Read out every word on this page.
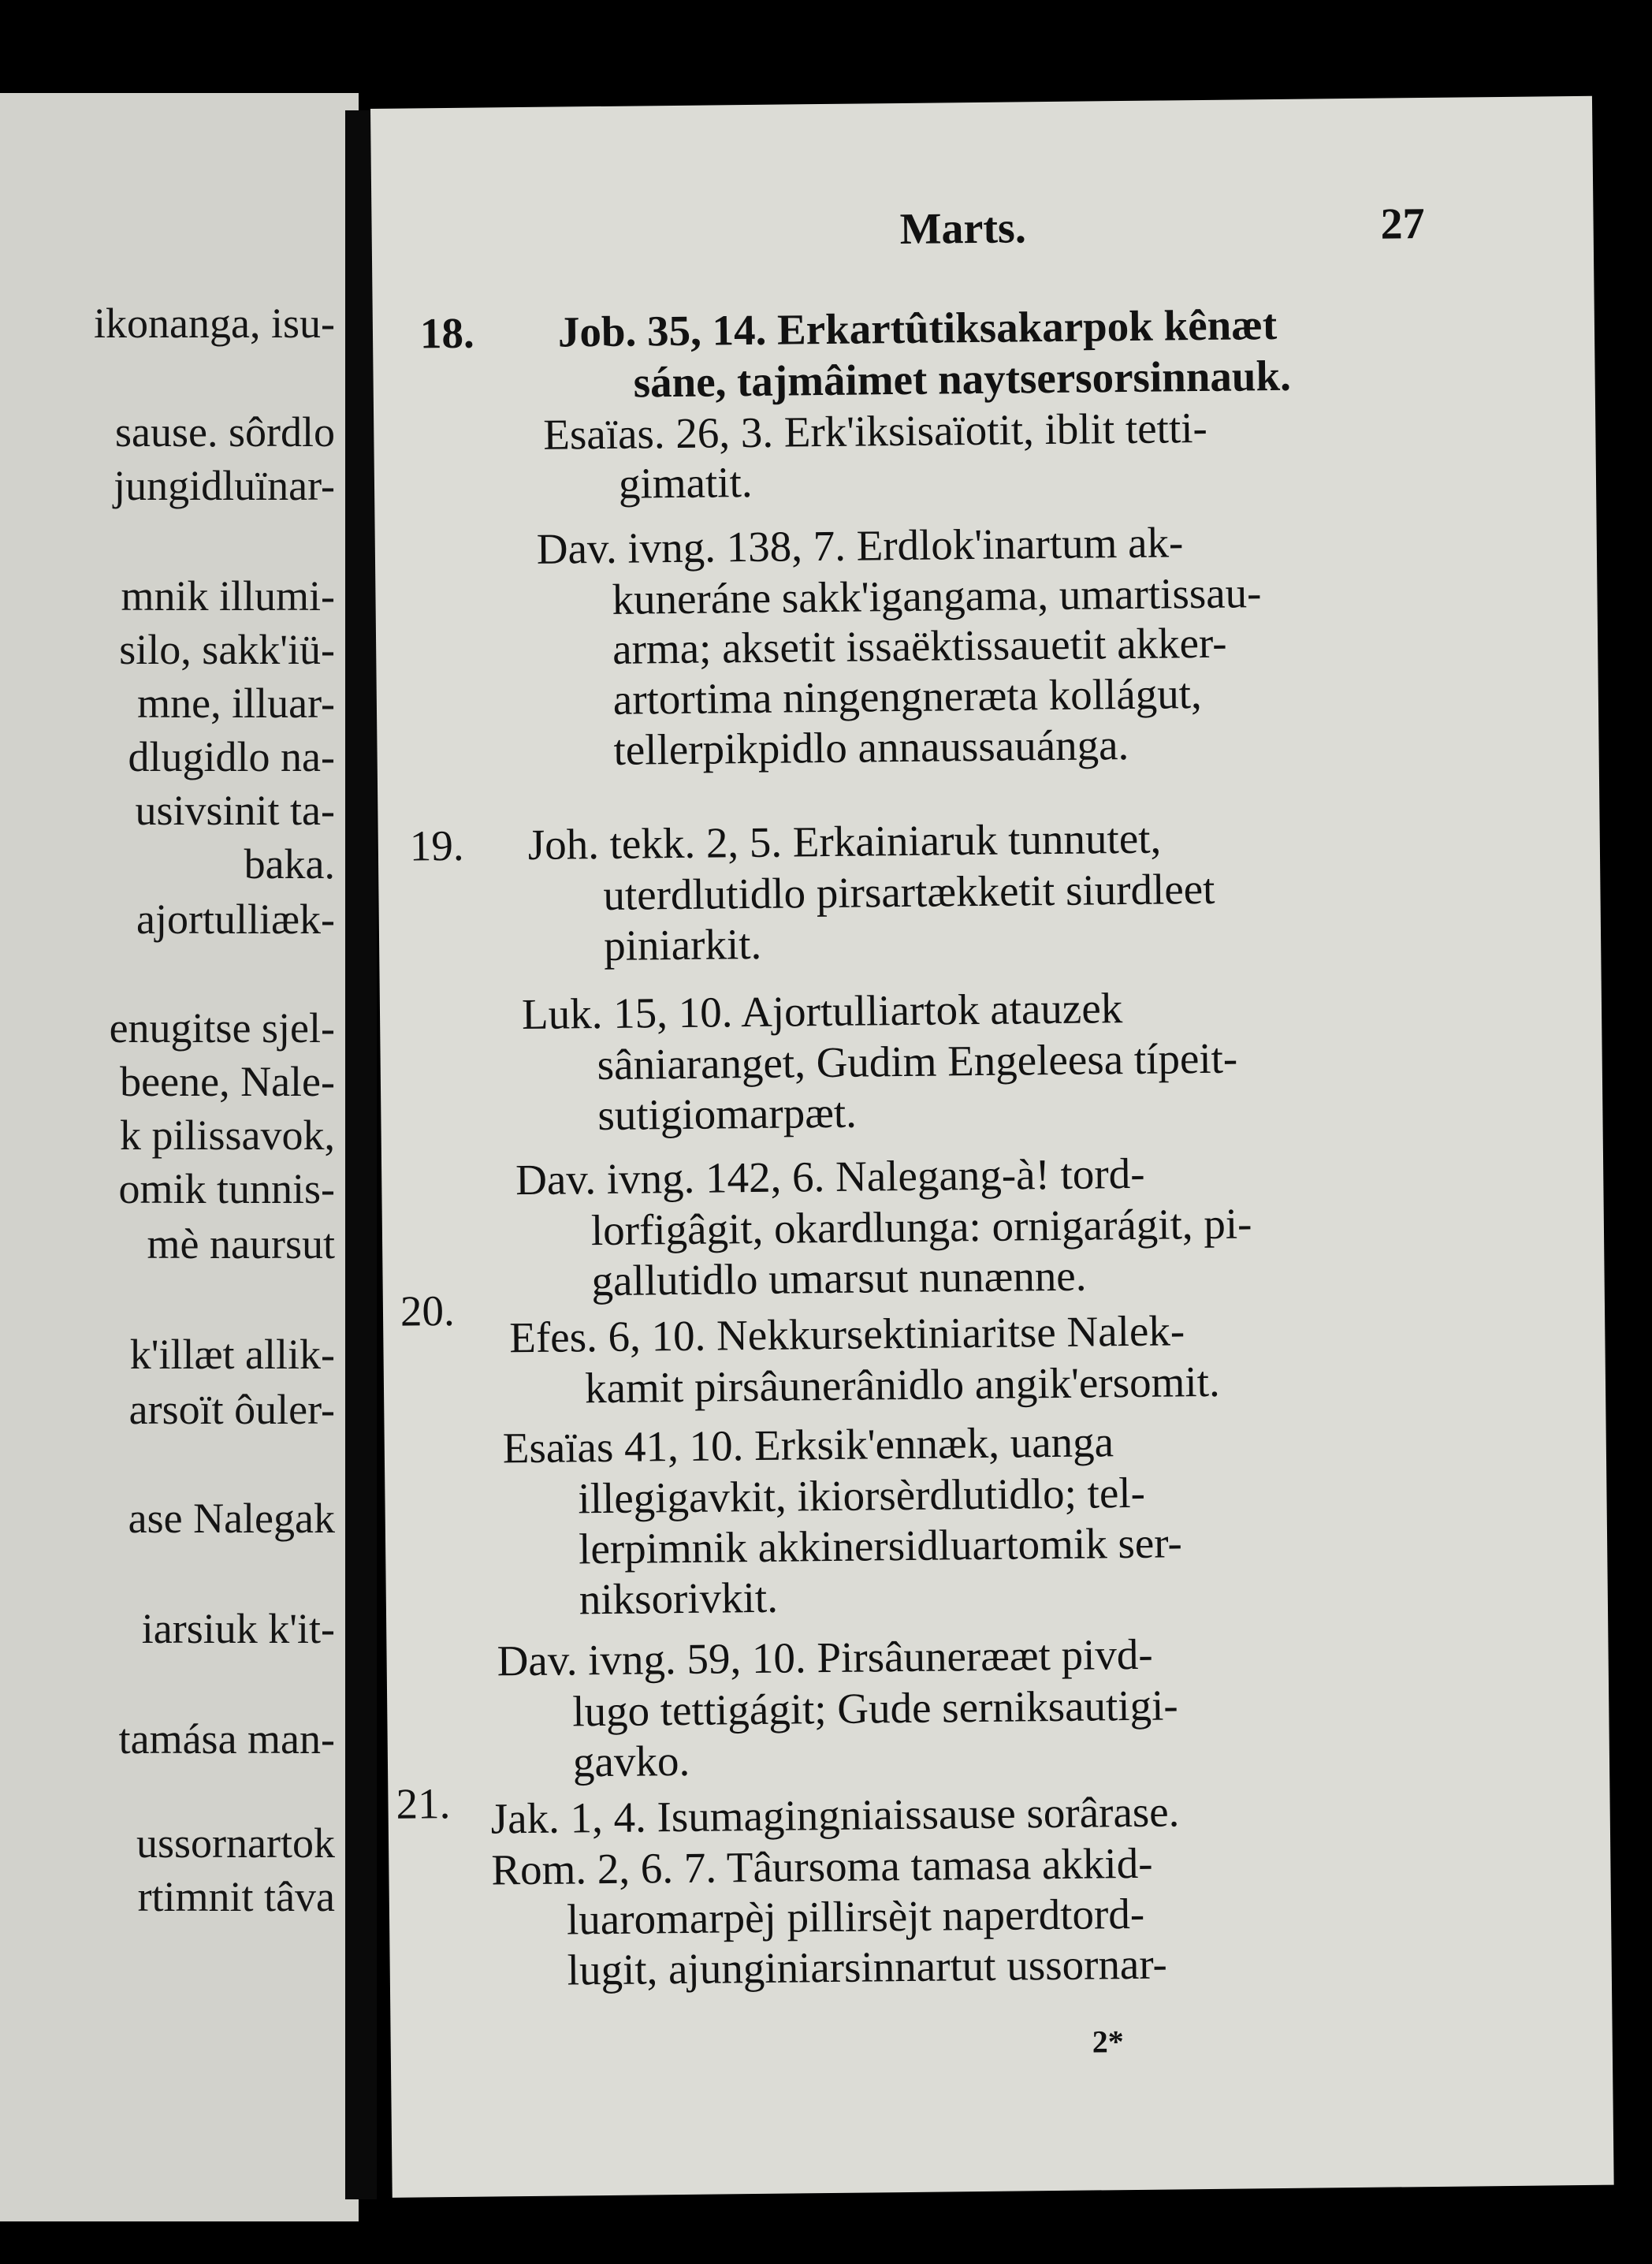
ikonanga, isu-
sause. sôrdlo
jungidluïnar-
mnik illumi-
silo, sakk'iü-
mne, illuar-
dlugidlo na-
usivsinit ta-
baka.
ajortulliæk-
enugitse sjel-
beene, Nale-
k pilissavok,
omik tunnis-
mè naursut
k'illæt allik-
arsoït ôuler-
ase Nalegak
iarsiuk k'it-
tamása man-
ussornartok
rtimnit tâva
Marts.	27
18.
19.
20.
21.
Job. 35, 14. Erkartûtiksakarpok kênæt
sáne, tajmâimet naytsersorsinnauk.
Esaïas. 26, 3. Erk'iksisaïotit, iblit tetti-
gimatit.
Dav. ivng. 138, 7. Erdlok'inartum ak-
kuneráne sakk'igangama, umartissau-
arma; aksetit issaëktissauetit akker-
artortima ningengneræta kollágut,
tellerpikpidlo annaussauánga.
Joh. tekk. 2, 5. Erkainiaruk tunnutet,
uterdlutidlo pirsartækketit siurdleet
piniarkit.
Luk. 15, 10. Ajortulliartok atauzek
sâniaranget, Gudim Engeleesa típeit-
sutigiomarpæt.
Dav. ivng. 142, 6. Nalegang-à! tord-
lorfigâgit, okardlunga: ornigarágit, pi-
gallutidlo umarsut nunænne.
Efes. 6, 10. Nekkursektiniaritse Nalek-
kamit pirsâunerânidlo angik'ersomit.
Esaïas 41, 10. Erksik'ennæk, uanga
illegigavkit, ikiorsèrdlutidlo; tel-
lerpimnik akkinersidluartomik ser-
niksorivkit.
Dav. ivng. 59, 10. Pirsâunerææt pivd-
lugo tettigágit; Gude serniksautigi-
gavko.
Jak. 1, 4. Isumagingniaissause sorârase.
Rom. 2, 6. 7. Tâursoma tamasa akkid-
luaromarpèj pillirsèjt naperdtord-
lugit, ajunginiarsinnartut ussornar-
2*
